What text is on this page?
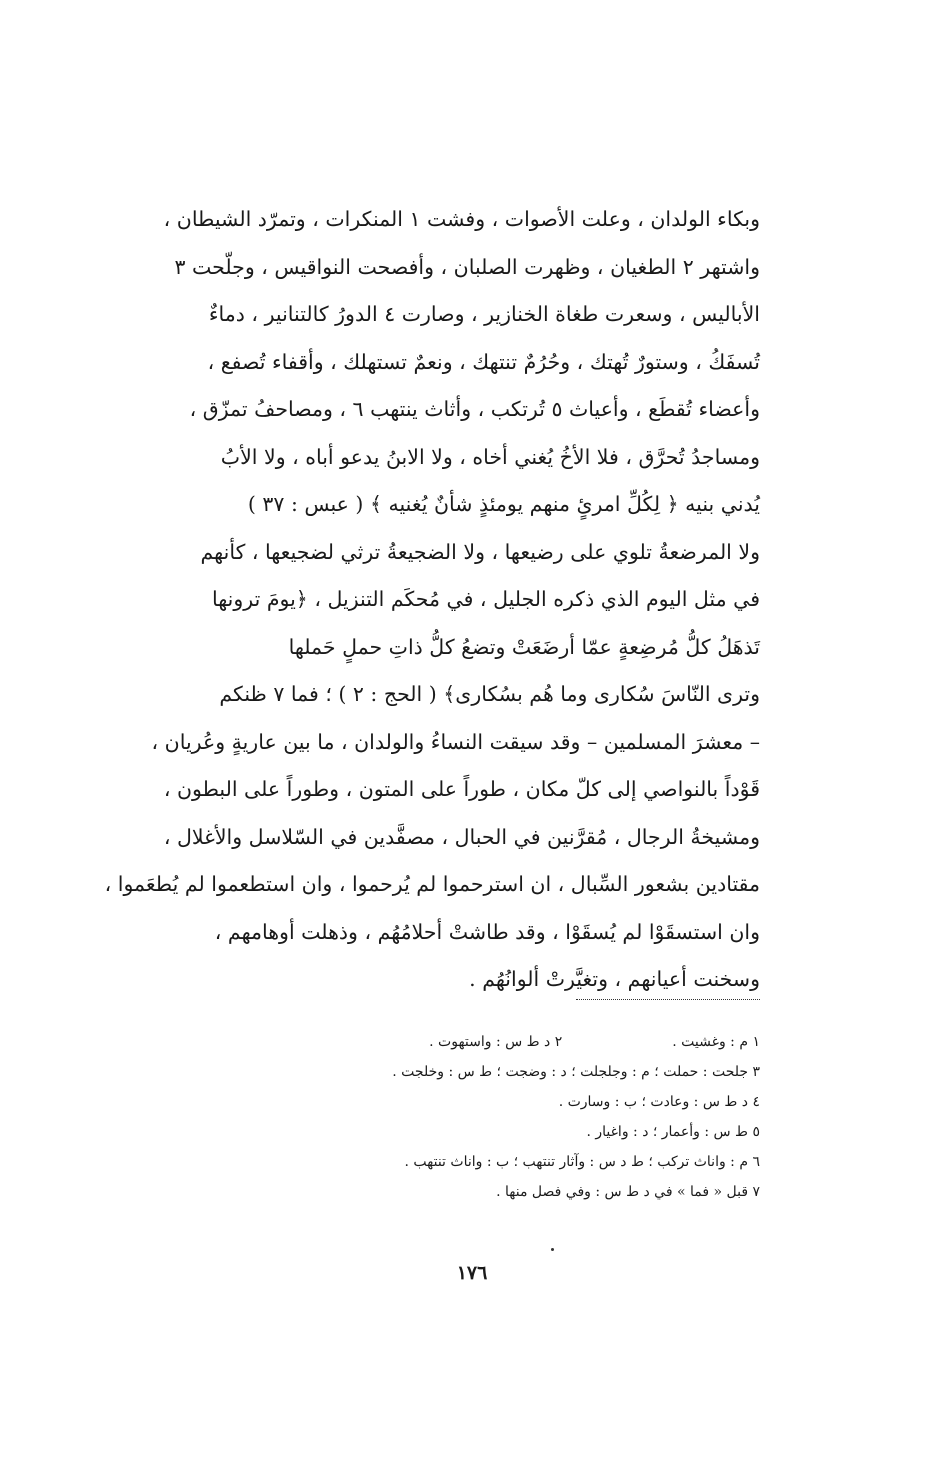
وبكاء الولدان ، وعلت الأصوات ، وفشت ١ المنكرات ، وتمرّد الشيطان ،
واشتهر ٢ الطغيان ، وظهرت الصلبان ، وأفصحت النواقيس ، وجلّحت ٣
الأباليس ، وسعرت طغاة الخنازير ، وصارت ٤ الدورُ كالتنانير ، دماءٌ
تُسفَكُ ، وستورٌ تُهتك ، وحُرُمٌ تنتهك ، ونعمٌ تستهلك ، وأقفاء تُصفع ،
وأعضاء تُقطَع ، وأعياث ٥ تُرتكب ، وأثاث ينتهب ٦ ، ومصاحفُ تمزّق ،
ومساجدُ تُحرَّق ، فلا الأخُ يُغني أخاه ، ولا الابنُ يدعو أباه ، ولا الأبُ
يُدني بنيه ﴿ لِكُلِّ امرئٍ منهم يومئذٍ شأنٌ يُغنيه ﴾ ( عبس : ٣٧ )
ولا المرضعةُ تلوي على رضيعها ، ولا الضجيعةُ ترثي لضجيعها ، كأنهم
في مثل اليوم الذي ذكره الجليل ، في مُحكَم التنزيل ، ﴿يومَ ترونها
تَذهَلُ كلُّ مُرضِعةٍ عمّا أرضَعَتْ وتضعُ كلُّ ذاتِ حملٍ حَملها
وترى النّاسَ سُكارى وما هُم بسُكارى﴾ ( الحج : ٢ ) ؛ فما ٧ ظنكم
– معشرَ المسلمين – وقد سيقت النساءُ والولدان ، ما بين عاريةٍ وعُريان ،
قَوْداً بالنواصي إلى كلّ مكان ، طوراً على المتون ، وطوراً على البطون ،
ومشيخةُ الرجال ، مُقرَّنين في الحبال ، مصفَّدين في السّلاسل والأغلال ،
مقتادين بشعور السِّبال ، ان استرحموا لم يُرحموا ، وان استطعموا لم يُطعَموا ،
وان استسقَوْا لم يُسقَوْا ، وقد طاشتْ أحلامُهُم ، وذهلت أوهامهم ،
وسخنت أعيانهم ، وتغيَّرتْ ألوانُهُم .
١ م : وغشيت .
٢ د ط س : واستهوت .
٣ جلحت : حملت ؛ م : وجلجلت ؛ د : وضجت ؛ ط س : وخلجت .
٤ د ط س : وعادت ؛ ب : وسارت .
٥ ط س : وأعمار ؛ د : واغيار .
٦ م : واناث تركب ؛ ط د س : وآثار تنتهب ؛ ب : واناث تنتهب .
٧ قبل « فما » في د ط س : وفي فصل منها .
١٧٦
